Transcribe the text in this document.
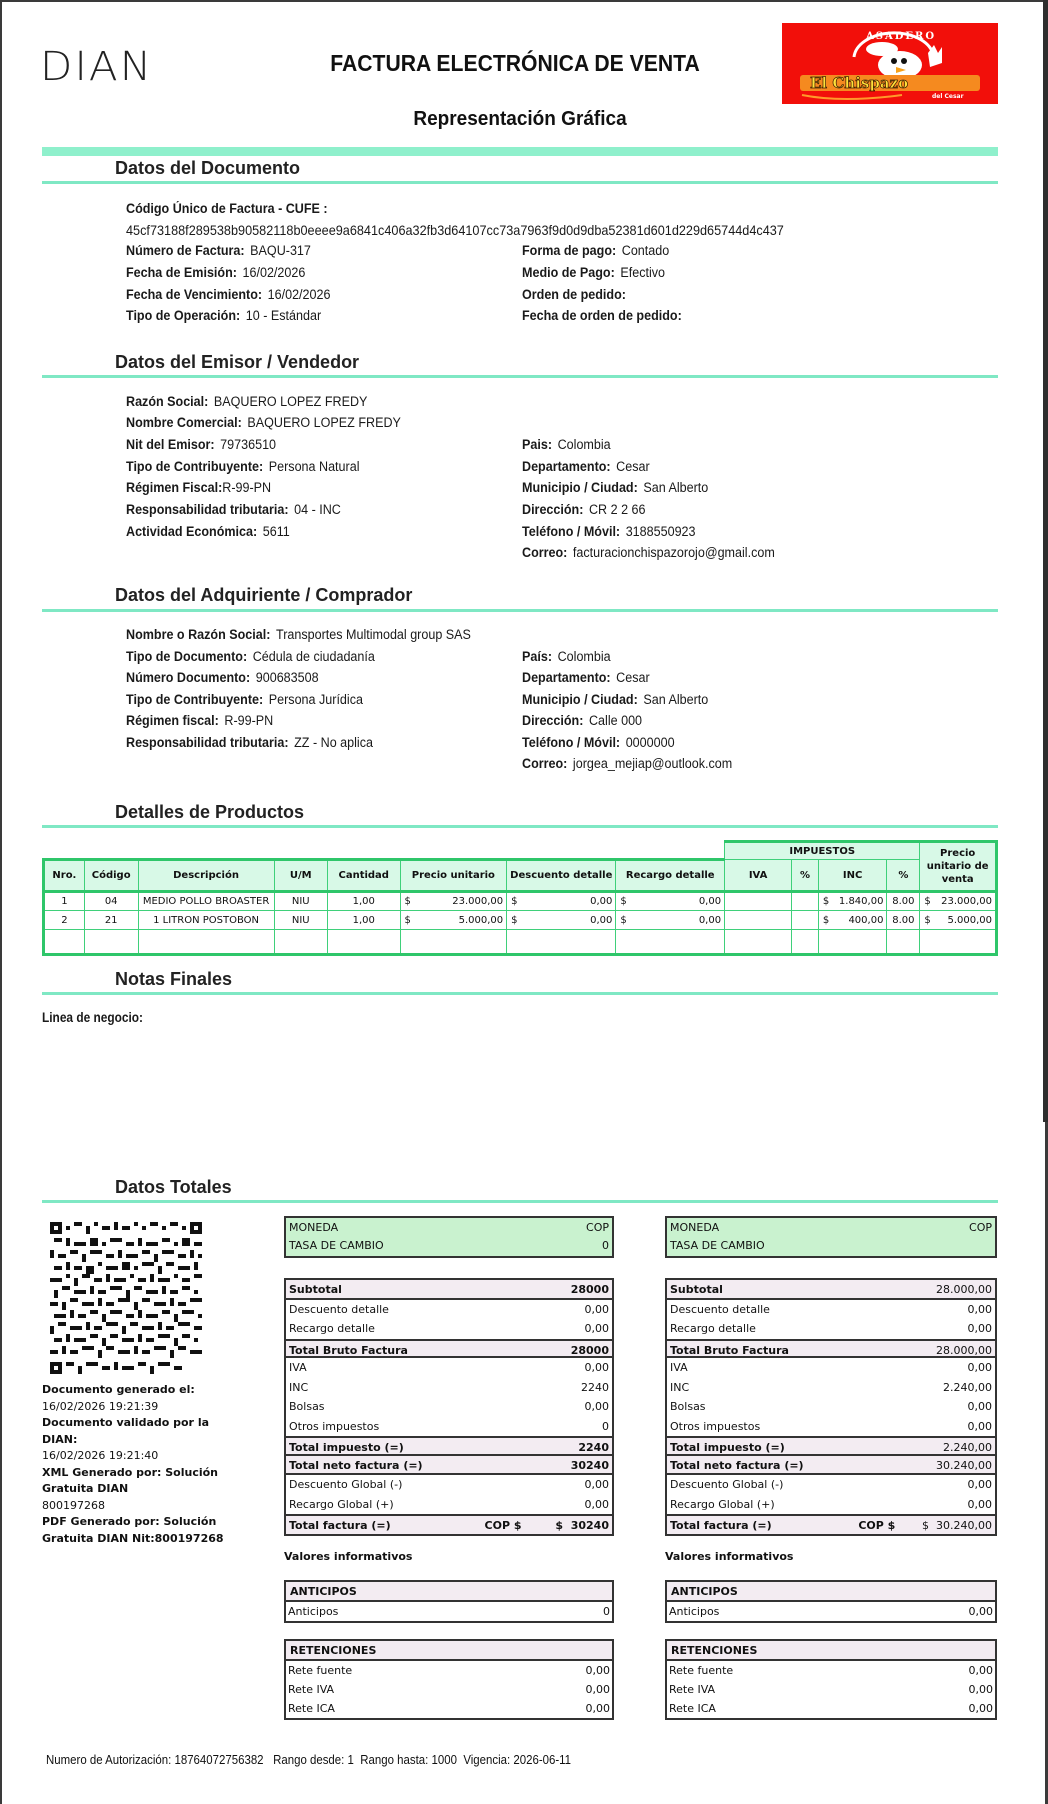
DIAN	FACTURA ELECTRÓNICA DE VENTA
Representación Gráfica
ASADERO
El Chispazo
del Cesar
Datos del Documento
Código Único de Factura - CUFE :
45cf73188f289538b90582118b0eeee9a6841c406a32fb3d64107cc73a7963f9d0d9dba52381d601d229d65744d4c437
Número de Factura: BAQU-317
Fecha de Emisión: 16/02/2026
Fecha de Vencimiento: 16/02/2026
Tipo de Operación: 10 - Estándar
Forma de pago: Contado
Medio de Pago: Efectivo
Orden de pedido:
Fecha de orden de pedido:
Datos del Emisor / Vendedor
Razón Social: BAQUERO LOPEZ FREDY
Nombre Comercial: BAQUERO LOPEZ FREDY
Nit del Emisor: 79736510
Tipo de Contribuyente: Persona Natural
Régimen Fiscal:R-99-PN
Responsabilidad tributaria: 04 - INC
Actividad Económica: 5611
Pais: Colombia
Departamento: Cesar
Municipio / Ciudad: San Alberto
Dirección: CR 2 2 66
Teléfono / Móvil: 3188550923
Correo: facturacionchispazorojo@gmail.com
Datos del Adquiriente / Comprador
Nombre o Razón Social: Transportes Multimodal group SAS
Tipo de Documento: Cédula de ciudadanía
Número Documento: 900683508
Tipo de Contribuyente: Persona Jurídica
Régimen fiscal: R-99-PN
Responsabilidad tributaria: ZZ - No aplica
País: Colombia
Departamento: Cesar
Municipio / Ciudad: San Alberto
Dirección: Calle 000
Teléfono / Móvil: 0000000
Correo: jorgea_mejiap@outlook.com
Detalles de Productos
								IMPUESTOS				Precio unitario de venta
Nro.	Código	Descripción	U/M	Cantidad	Precio unitario	Descuento detalle	Recargo detalle	IVA	%	INC	%	
1	04	MEDIO POLLO BROASTER	NIU	1,00	$ 23.000,00	$ 0,00	$ 0,00			$ 1.840,00	8.00	$ 23.000,00
2	21	1 LITRON POSTOBON	NIU	1,00	$ 5.000,00	$ 0,00	$ 0,00			$ 400,00	8.00	$ 5.000,00

Notas Finales
Linea de negocio:
Datos Totales
Documento generado el:
16/02/2026 19:21:39
Documento validado por la DIAN:
16/02/2026 19:21:40
XML Generado por: Solución Gratuita DIAN
800197268
PDF Generado por: Solución Gratuita DIAN Nit:800197268
MONEDA	COP
TASA DE CAMBIO	0
Subtotal	28000
Descuento detalle	0,00
Recargo detalle	0,00
Total Bruto Factura	28000
IVA	0,00
INC	2240
Bolsas	0,00
Otros impuestos	0
Total impuesto (=)	2240
Total neto factura (=)	30240
Descuento Global (-)	0,00
Recargo Global (+)	0,00
Total factura (=)	COP $	$  30240
Valores informativos
ANTICIPOS
Anticipos	0
RETENCIONES
Rete fuente	0,00
Rete IVA	0,00
Rete ICA	0,00
MONEDA	COP
TASA DE CAMBIO
Subtotal	28.000,00
Descuento detalle	0,00
Recargo detalle	0,00
Total Bruto Factura	28.000,00
IVA	0,00
INC	2.240,00
Bolsas	0,00
Otros impuestos	0,00
Total impuesto (=)	2.240,00
Total neto factura (=)	30.240,00
Descuento Global (-)	0,00
Recargo Global (+)	0,00
Total factura (=)	COP $	$  30.240,00
Valores informativos
ANTICIPOS
Anticipos	0,00
RETENCIONES
Rete fuente	0,00
Rete IVA	0,00
Rete ICA	0,00
Numero de Autorización: 18764072756382 Rango desde: 1 Rango hasta: 1000 Vigencia: 2026-06-11
